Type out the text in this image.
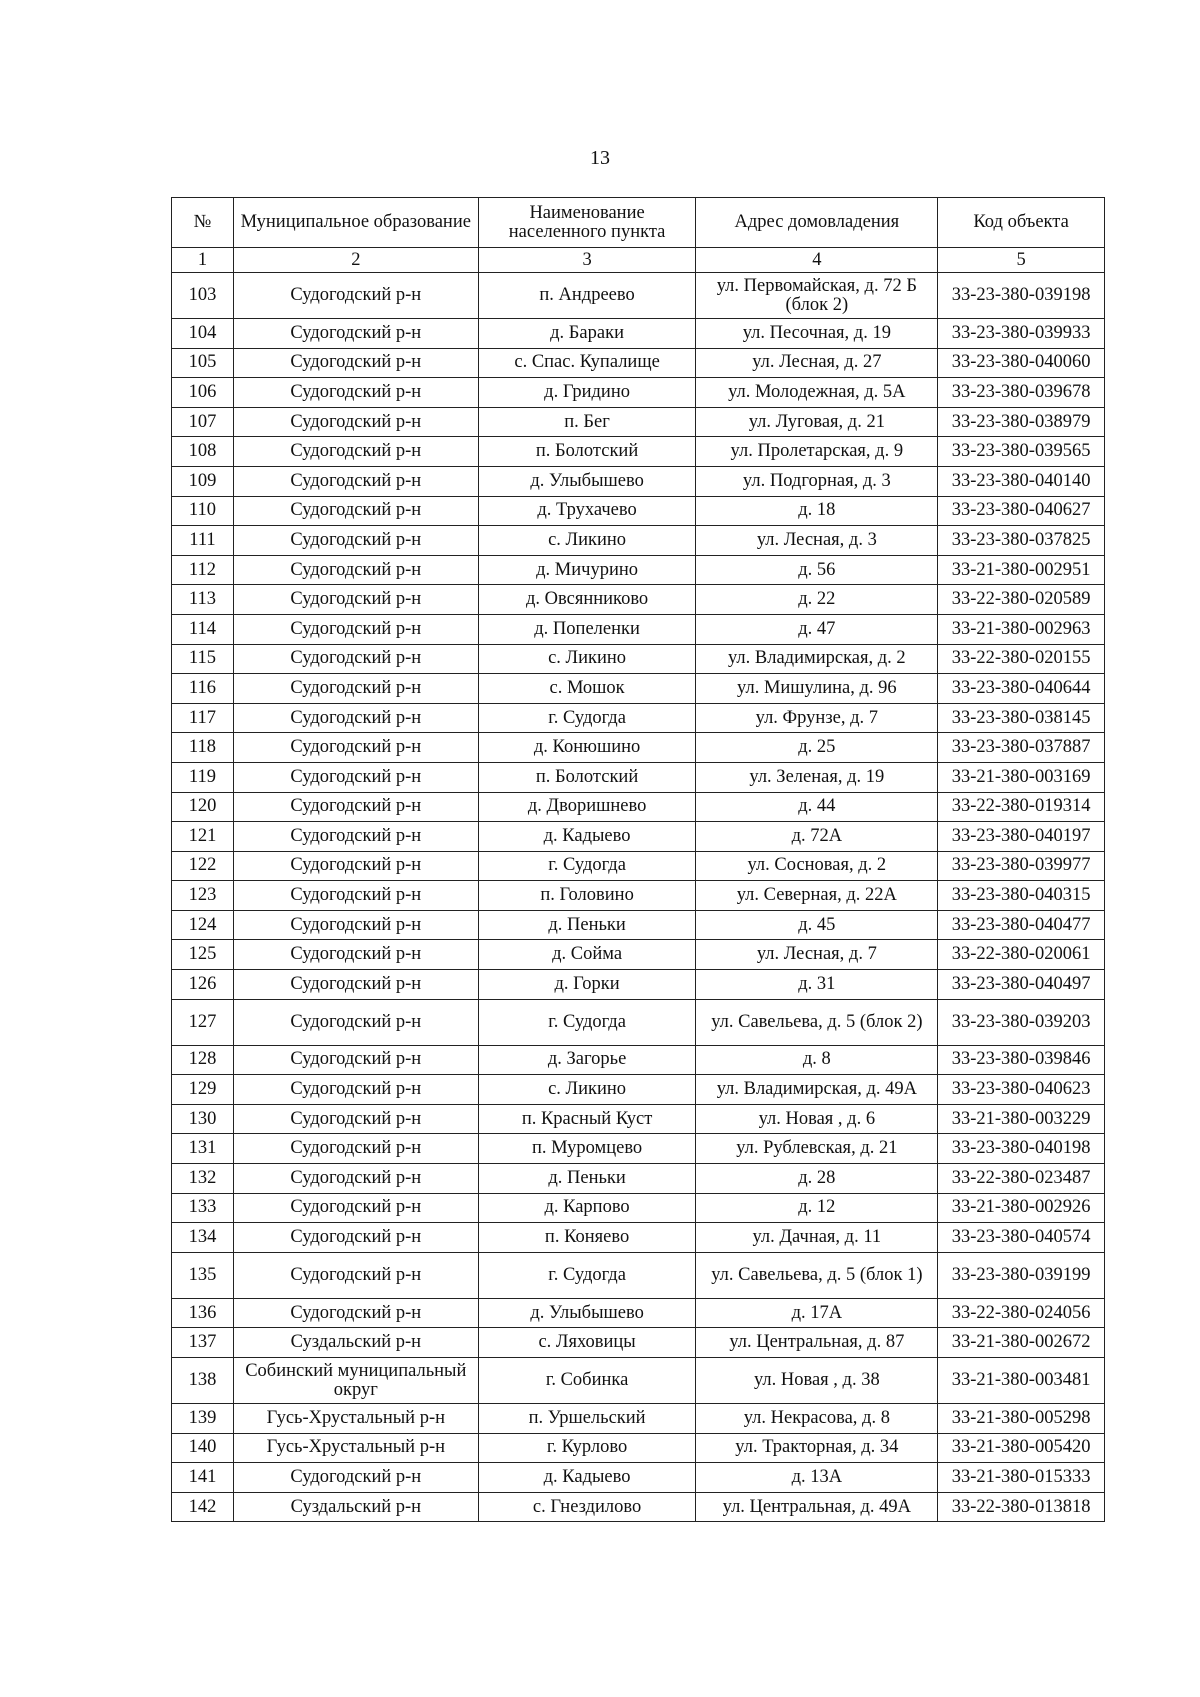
13
№	Муниципальное образование	Наименование населенного пункта	Адрес домовладения	Код объекта
1	2	3	4	5
103	Судогодский р-н	п. Андреево	ул. Первомайская, д. 72 Б (блок 2)	33-23-380-039198
104	Судогодский р-н	д. Бараки	ул. Песочная, д. 19	33-23-380-039933
105	Судогодский р-н	с. Спас. Купалище	ул. Лесная, д. 27	33-23-380-040060
106	Судогодский р-н	д. Гридино	ул. Молодежная, д. 5А	33-23-380-039678
107	Судогодский р-н	п. Бег	ул. Луговая, д. 21	33-23-380-038979
108	Судогодский р-н	п. Болотский	ул. Пролетарская, д. 9	33-23-380-039565
109	Судогодский р-н	д. Улыбышево	ул. Подгорная, д. 3	33-23-380-040140
110	Судогодский р-н	д. Трухачево	д. 18	33-23-380-040627
111	Судогодский р-н	с. Ликино	ул. Лесная, д. 3	33-23-380-037825
112	Судогодский р-н	д. Мичурино	д. 56	33-21-380-002951
113	Судогодский р-н	д. Овсянниково	д. 22	33-22-380-020589
114	Судогодский р-н	д. Попеленки	д. 47	33-21-380-002963
115	Судогодский р-н	с. Ликино	ул. Владимирская, д. 2	33-22-380-020155
116	Судогодский р-н	с. Мошок	ул. Мишулина, д. 96	33-23-380-040644
117	Судогодский р-н	г. Судогда	ул. Фрунзе, д. 7	33-23-380-038145
118	Судогодский р-н	д. Конюшино	д. 25	33-23-380-037887
119	Судогодский р-н	п. Болотский	ул. Зеленая, д. 19	33-21-380-003169
120	Судогодский р-н	д. Дворишнево	д. 44	33-22-380-019314
121	Судогодский р-н	д. Кадыево	д. 72А	33-23-380-040197
122	Судогодский р-н	г. Судогда	ул. Сосновая, д. 2	33-23-380-039977
123	Судогодский р-н	п. Головино	ул. Северная, д. 22А	33-23-380-040315
124	Судогодский р-н	д. Пеньки	д. 45	33-23-380-040477
125	Судогодский р-н	д. Сойма	ул. Лесная, д. 7	33-22-380-020061
126	Судогодский р-н	д. Горки	д. 31	33-23-380-040497
127	Судогодский р-н	г. Судогда	ул. Савельева, д. 5 (блок 2)	33-23-380-039203
128	Судогодский р-н	д. Загорье	д. 8	33-23-380-039846
129	Судогодский р-н	с. Ликино	ул. Владимирская, д. 49А	33-23-380-040623
130	Судогодский р-н	п. Красный Куст	ул. Новая , д. 6	33-21-380-003229
131	Судогодский р-н	п. Муромцево	ул. Рублевская, д. 21	33-23-380-040198
132	Судогодский р-н	д. Пеньки	д. 28	33-22-380-023487
133	Судогодский р-н	д. Карпово	д. 12	33-21-380-002926
134	Судогодский р-н	п. Коняево	ул. Дачная, д. 11	33-23-380-040574
135	Судогодский р-н	г. Судогда	ул. Савельева, д. 5 (блок 1)	33-23-380-039199
136	Судогодский р-н	д. Улыбышево	д. 17А	33-22-380-024056
137	Суздальский р-н	с. Ляховицы	ул. Центральная, д. 87	33-21-380-002672
138	Собинский муниципальный округ	г. Собинка	ул. Новая , д. 38	33-21-380-003481
139	Гусь-Хрустальный р-н	п. Уршельский	ул. Некрасова, д. 8	33-21-380-005298
140	Гусь-Хрустальный р-н	г. Курлово	ул. Тракторная, д. 34	33-21-380-005420
141	Судогодский р-н	д. Кадыево	д. 13А	33-21-380-015333
142	Суздальский р-н	с. Гнездилово	ул. Центральная, д. 49А	33-22-380-013818
